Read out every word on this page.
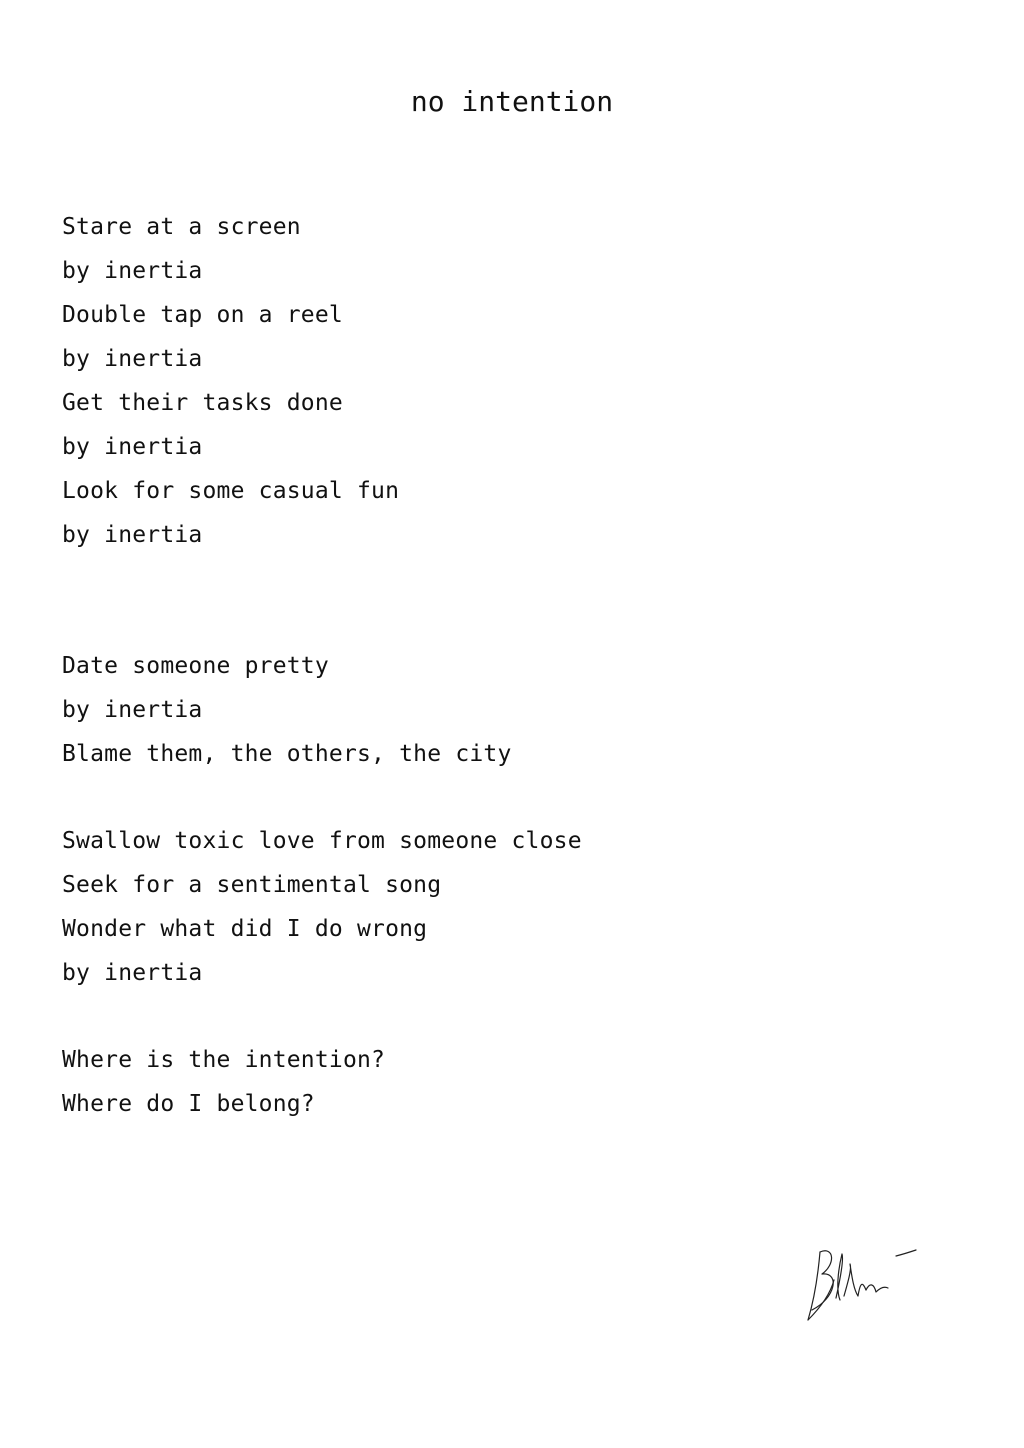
no intention
Stare at a screen
by inertia
Double tap on a reel
by inertia
Get their tasks done
by inertia
Look for some casual fun
by inertia
Date someone pretty
by inertia
Blame them, the others, the city
Swallow toxic love from someone close
Seek for a sentimental song
Wonder what did I do wrong
by inertia
Where is the intention?
Where do I belong?
